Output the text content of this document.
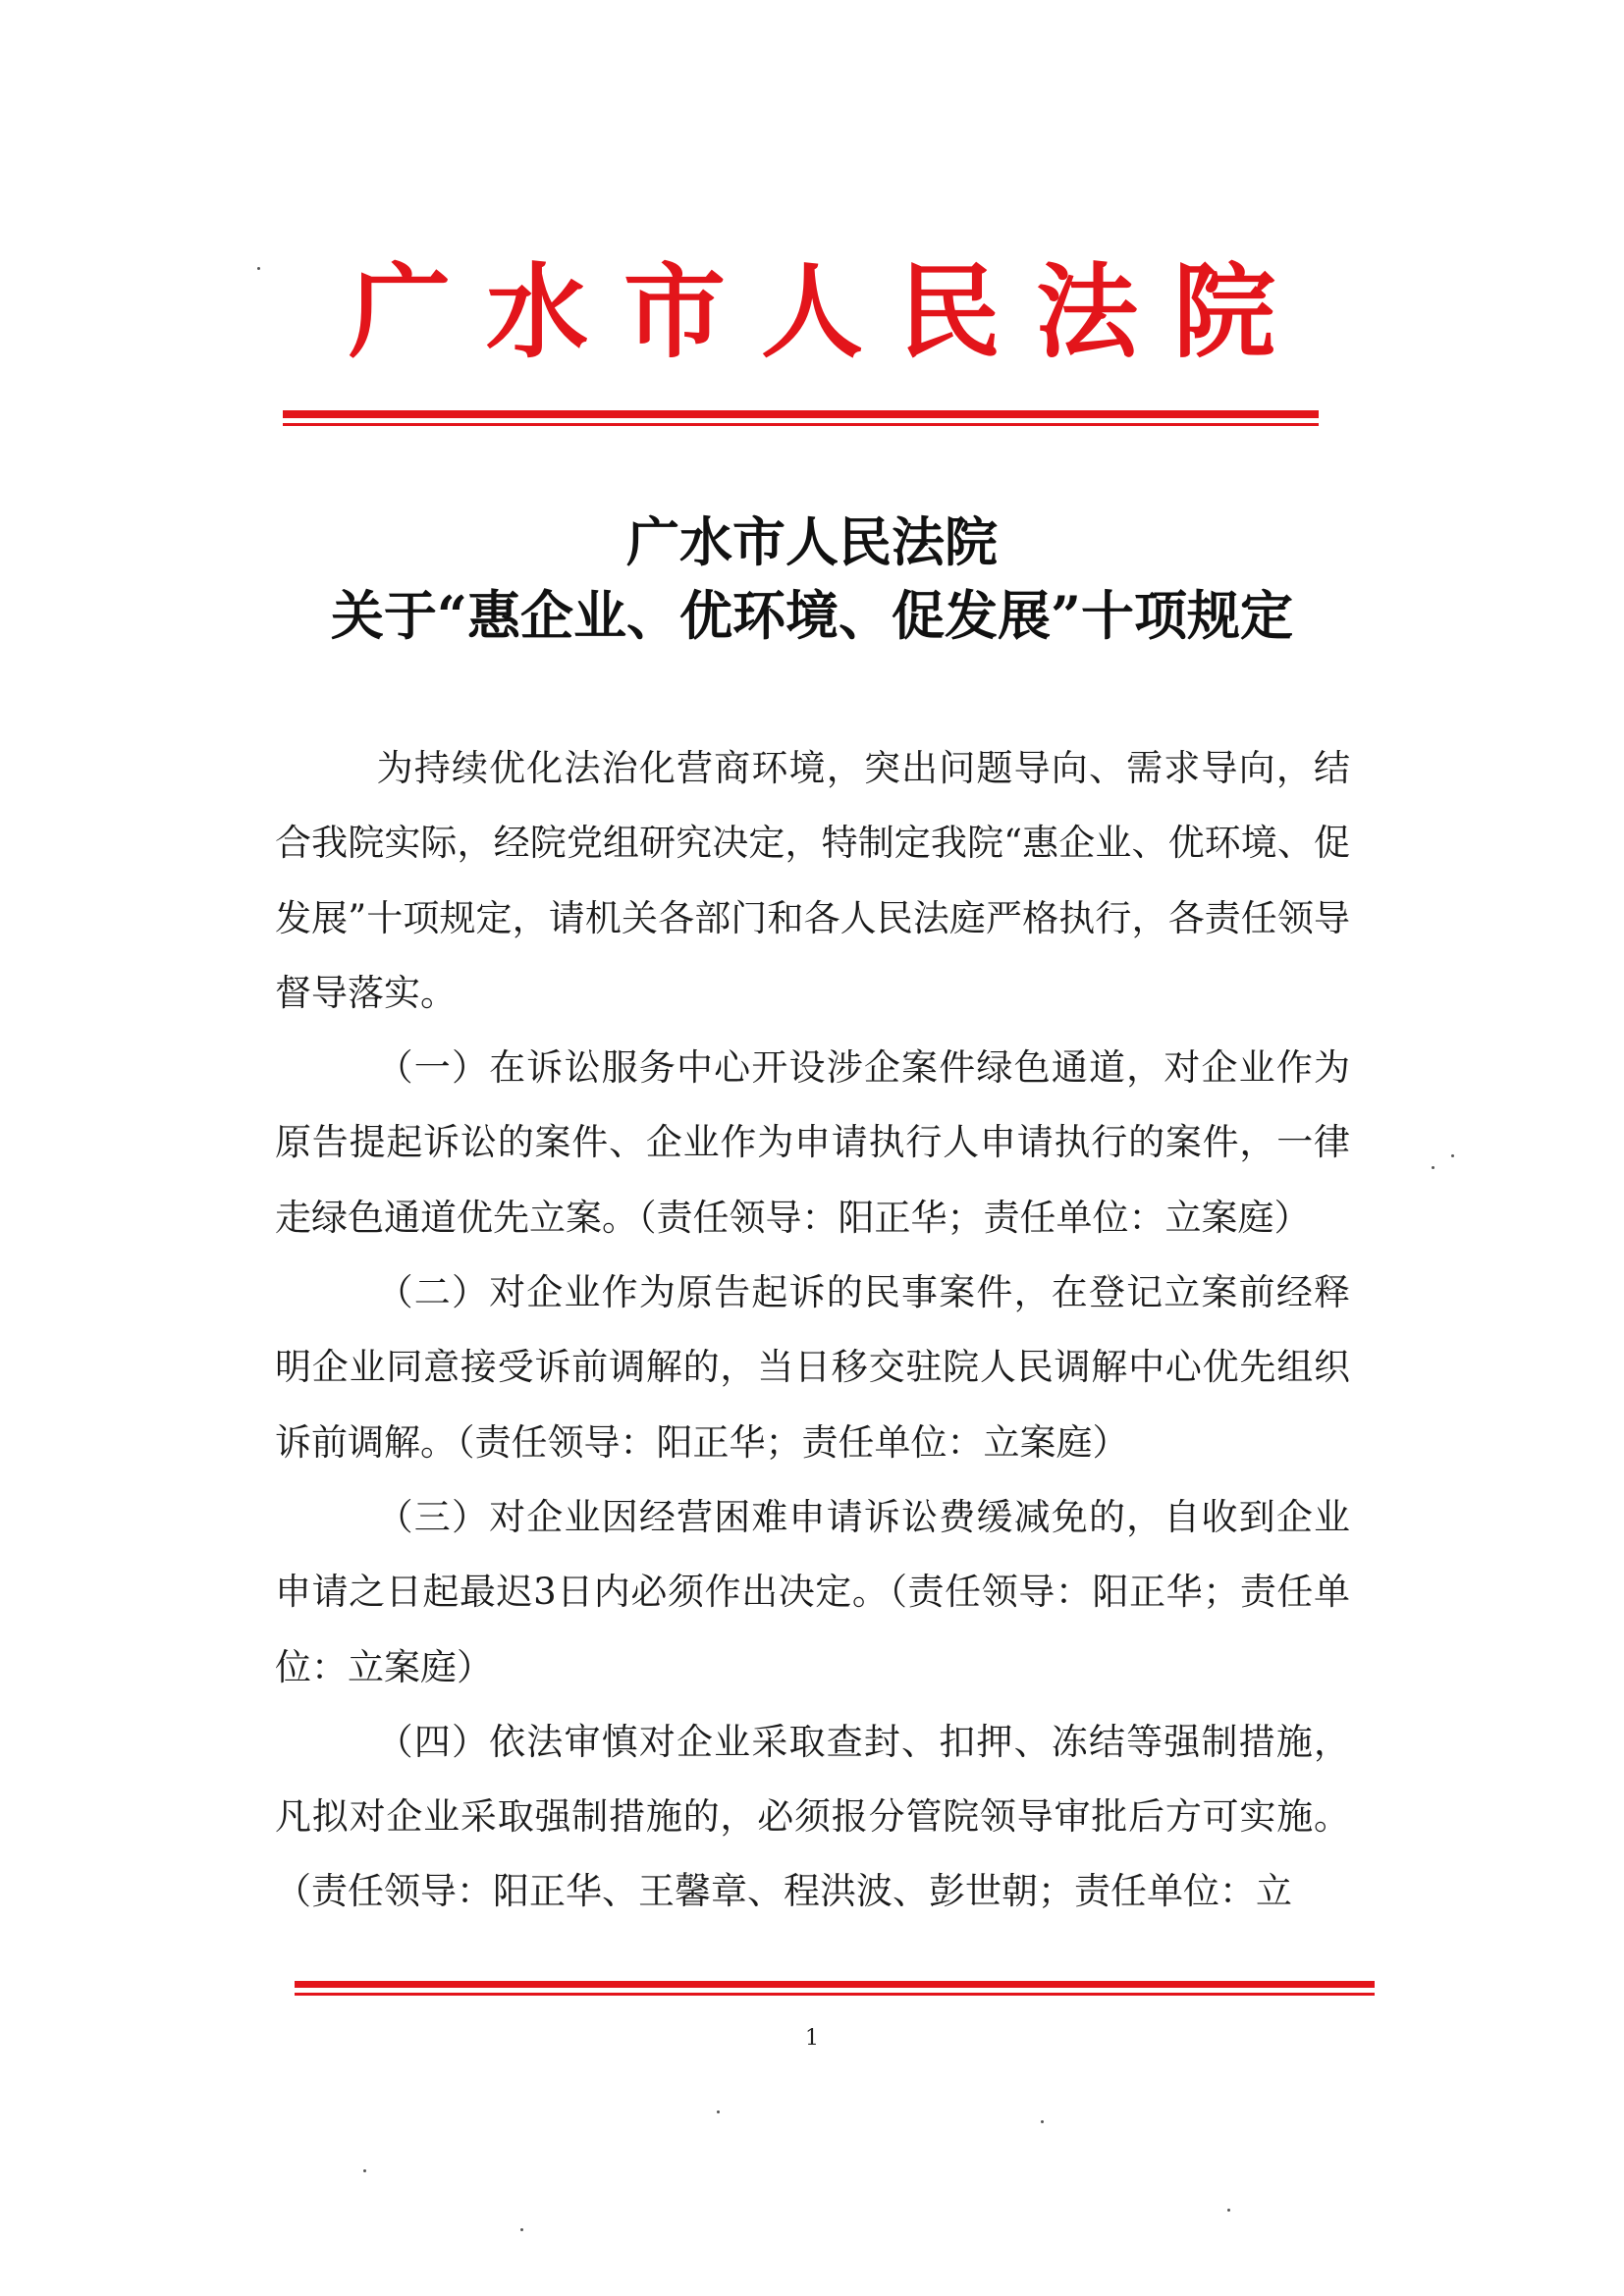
广水市人民法院
广水市人民法院
关于“惠企业、优环境、促发展”十项规定

为持续优化法治化营商环境，突出问题导向、需求导向，结合我院实际，经院党组研究决定，特制定我院“惠企业、优环境、促发展”十项规定，请机关各部门和各人民法庭严格执行，各责任领导督导落实。

（一）在诉讼服务中心开设涉企案件绿色通道，对企业作为原告提起诉讼的案件、企业作为申请执行人申请执行的案件，一律走绿色通道优先立案。（责任领导：阳正华；责任单位：立案庭）

（二）对企业作为原告起诉的民事案件，在登记立案前经释明企业同意接受诉前调解的，当日移交驻院人民调解中心优先组织诉前调解。（责任领导：阳正华；责任单位：立案庭）

（三）对企业因经营困难申请诉讼费缓减免的，自收到企业申请之日起最迟3日内必须作出决定。（责任领导：阳正华；责任单位：立案庭）

（四）依法审慎对企业采取查封、扣押、冻结等强制措施，凡拟对企业采取强制措施的，必须报分管院领导审批后方可实施。（责任领导：阳正华、王馨章、程洪波、彭世朝；责任单位：立

1
